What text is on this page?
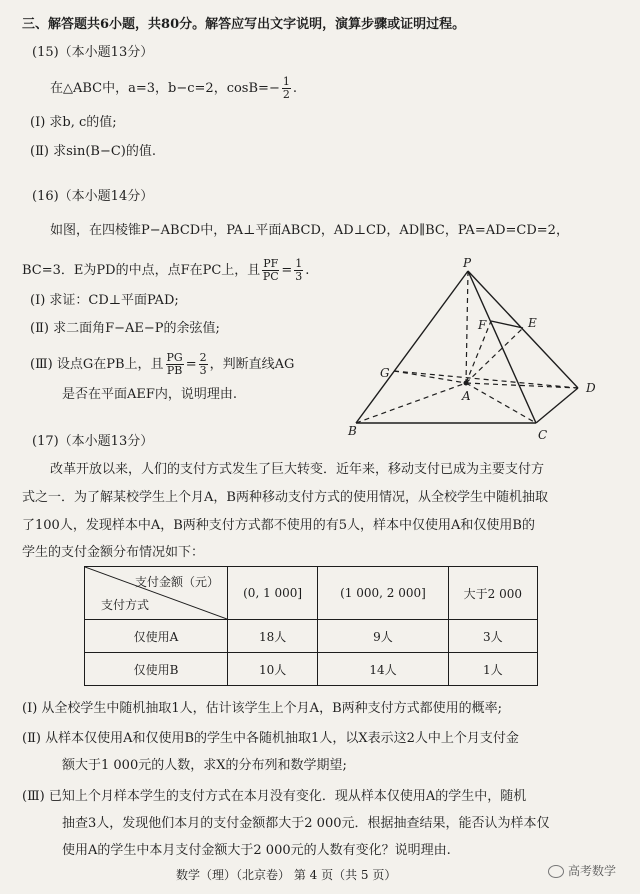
三、解答题共6小题，共80分。解答应写出文字说明，演算步骤或证明过程。
(15)（本小题13分）
在△ABC中，a=3，b−c=2，$\cos B=- \frac{1}{2}$ .
(Ⅰ) 求b, c的值;
(Ⅱ) 求sin(B−C)的值.
(16)（本小题14分）
如图，在四棱锥P−ABCD中，PA⊥平面ABCD，AD⊥CD，AD∥BC，PA=AD=CD=2，
BC=3．E为PD的中点，点F在PC上，且 $\frac{PF}{PC} = \frac{1}{3}$ .
(Ⅰ) 求证：CD⊥平面PAD;
(Ⅱ) 求二面角F−AE−P的余弦值;
(Ⅲ) 设点G在PB上，且 $\frac{PG}{PB} = \frac{2}{3}$ ，判断直线AG
是否在平面AEF内，说明理由.
P
E
F
G
A
D
B	C
(17)（本小题13分）
改革开放以来，人们的支付方式发生了巨大转变．近年来，移动支付已成为主要支付方
式之一．为了解某校学生上个月A，B两种移动支付方式的使用情况，从全校学生中随机抽取
了100人，发现样本中A，B两种支付方式都不使用的有5人，样本中仅使用A和仅使用B的
学生的支付金额分布情况如下：
支付金额（元）
支付方式	(0, 1 000]	(1 000, 2 000]	大于2 000
仅使用A	18人	9人	3人
仅使用B	10人	14人	1人
(Ⅰ) 从全校学生中随机抽取1人，估计该学生上个月A，B两种支付方式都使用的概率;
(Ⅱ) 从样本仅使用A和仅使用B的学生中各随机抽取1人，以X表示这2人中上个月支付金
额大于1 000元的人数，求X的分布列和数学期望;
(Ⅲ) 已知上个月样本学生的支付方式在本月没有变化．现从样本仅使用A的学生中，随机
抽查3人，发现他们本月的支付金额都大于2 000元．根据抽查结果，能否认为样本仅
使用A的学生中本月支付金额大于2 000元的人数有变化？说明理由.
数学（理）（北京卷） 第 4 页（共 5 页）	高考数学
